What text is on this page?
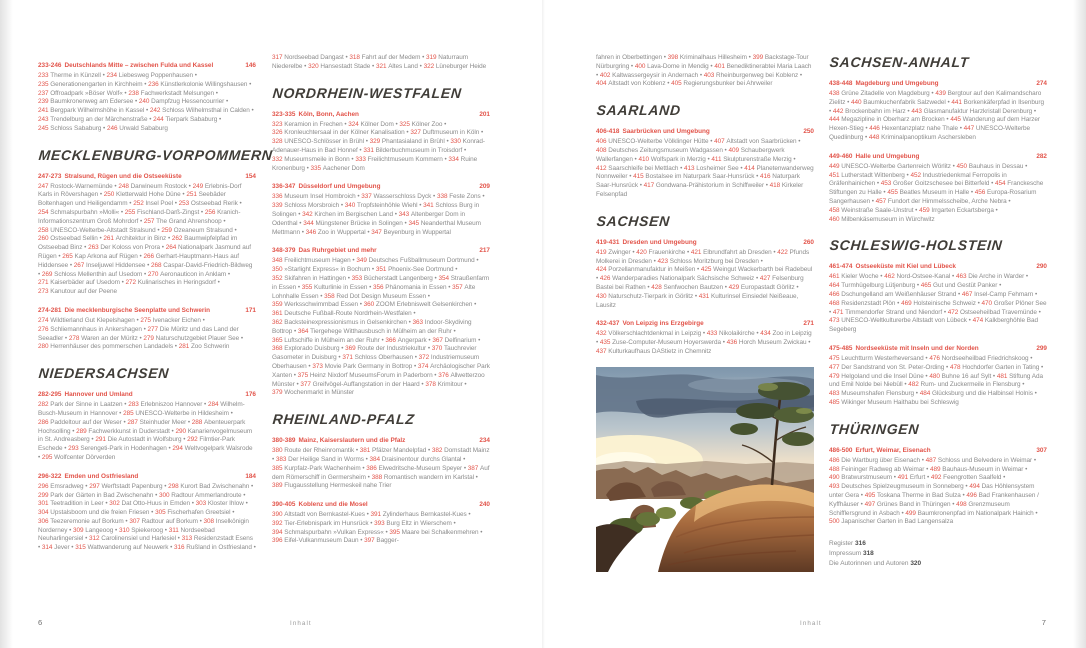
233-246 Deutschlands Mitte – zwischen Fulda und Kassel	146

233 Therme in Künzell • 234 Liebesweg Poppenhausen • 235 Generationengarten in Kirchheim • 236 Künstlerkolonie Willingshausen • 237 Offroadpark »Böser Wolf« • 238 Fachwerkstadt Melsungen • 239 Baumkronenweg am Edersee • 240 Dampfzug Hessencourrier • 241 Bergpark Wilhelmshöhe in Kassel • 242 Schloss Wilhelmsthal in Calden • 243 Trendelburg an der Märchenstraße • 244 Tierpark Sababurg • 245 Schloss Sababurg • 246 Urwald Sababurg

MECKLENBURG-VORPOMMERN
247-273 Stralsund, Rügen und die Ostseeküste	154

247 Rostock-Warnemünde • 248 Darwineum Rostock • 249 Erlebnis-Dorf Karls in Rövershagen • 250 Kletterwald Hohe Düne • 251 Seebäder Boltenhagen und Heiligendamm • 252 Insel Poel • 253 Ostseebad Rerik • 254 Schmalspurbahn »Molli« • 255 Fischland-Darß-Zingst • 256 Kranich-Informationszentrum Groß Mohrdorf • 257 The Grand Ahrenshoop • 258 UNESCO-Welterbe-Altstadt Stralsund • 259 Ozeaneum Stralsund • 260 Ostseebad Sellin • 261 Architektur in Binz • 262 Baumwipfelpfad im Ostseebad Binz • 263 Der Koloss von Prora • 264 Nationalpark Jasmund auf Rügen • 265 Kap Arkona auf Rügen • 266 Gerhart-Hauptmann-Haus auf Hiddensee • 267 Inseljuwel Hiddensee • 268 Caspar-David-Friedrich-Bildweg • 269 Schloss Mellenthin auf Usedom • 270 Aeronauticon in Anklam • 271 Kaiserbäder auf Usedom • 272 Kulinarisches in Heringsdorf • 273 Kanutour auf der Peene

274-281 Die mecklenburgische Seenplatte und Schwerin	171

274 Wildtierland Gut Klepelshagen • 275 Ivenacker Eichen • 276 Schliemannhaus in Ankershagen • 277 Die Müritz und das Land der Seeadler • 278 Waren an der Müritz • 279 Naturschutzgebiet Plauer See • 280 Herrenhäuser des pommerschen Landadels • 281 Zoo Schwerin

NIEDERSACHSEN
282-295 Hannover und Umland	176

282 Park der Sinne in Laatzen • 283 Erlebniszoo Hannover • 284 Wilhelm-Busch-Museum in Hannover • 285 UNESCO-Welterbe in Hildesheim • 286 Paddeltour auf der Weser • 287 Steinhuder Meer • 288 Abenteuerpark Hochsolling • 289 Fachwerkkunst in Duderstadt • 290 Kanarienvogelmuseum in St. Andreasberg • 291 Die Autostadt in Wolfsburg • 292 Filmtier-Park Eschede • 293 Serengeti-Park in Hodenhagen • 294 Weltvogelpark Walsrode • 295 Wolfcenter Dörverden

296-322 Emden und Ostfriesland	184

296 Emsradweg • 297 Werftstadt Papenburg • 298 Kurort Bad Zwischenahn • 299 Park der Gärten in Bad Zwischenahn • 300 Radtour Ammerlandroute • 301 Teetradition in Leer • 302 Dat Otto-Huus in Emden • 303 Kloster Ihlow • 304 Upstalsboom und die freien Friesen • 305 Fischerhafen Greetsiel • 306 Teezeremonie auf Borkum • 307 Radtour auf Borkum • 308 Inselkönigin Norderney • 309 Langeoog • 310 Spiekeroog • 311 Nordseebad Neuharlingersiel • 312 Carolinensiel und Harlesiel • 313 Residenzstadt Esens • 314 Jever • 315 Wattwanderung auf Neuwerk • 316 Rußland in Ostfriesland •

317 Nordseebad Dangast • 318 Fahrt auf der Medem • 319 Naturraum Niederelbe • 320 Hansestadt Stade • 321 Altes Land • 322 Lüneburger Heide

NORDRHEIN-WESTFALEN
323-335 Köln, Bonn, Aachen	201

323 Keramion in Frechen • 324 Kölner Dom • 325 Kölner Zoo • 326 Kronleuchtersaal in der Kölner Kanalisation • 327 Duftmuseum in Köln • 328 UNESCO-Schlösser in Brühl • 329 Phantasialand in Brühl • 330 Konrad-Adenauer-Haus in Bad Honnef • 331 Bilderbuchmuseum in Troisdorf • 332 Museumsmeile in Bonn • 333 Freilichtmuseum Kommern • 334 Ruine Kronenburg • 335 Aachener Dom

336-347 Düsseldorf und Umgebung	209

336 Museum Insel Hombroich • 337 Wasserschloss Dyck • 338 Feste Zons • 339 Schloss Morsbroich • 340 Tropfsteinhöhle Wiehl • 341 Schloss Burg in Solingen • 342 Kirchen im Bergischen Land • 343 Altenberger Dom in Odenthal • 344 Müngstener Brücke in Solingen • 345 Neanderthal Museum Mettmann • 346 Zoo in Wuppertal • 347 Beyenburg in Wuppertal

348-379 Das Ruhrgebiet und mehr	217

348 Freilichtmuseum Hagen • 349 Deutsches Fußballmuseum Dortmund • 350 »Starlight Express« in Bochum • 351 Phoenix-See Dortmund • 352 Skifahren in Hattingen • 353 Bücherstadt Langenberg • 354 Straußenfarm in Essen • 355 Kulturlinie in Essen • 356 Phänomania in Essen • 357 Alte Lohnhalle Essen • 358 Red Dot Design Museum Essen • 359 Werksschwimmbad Essen • 360 ZOOM Erlebniswelt Gelsenkirchen • 361 Deutsche Fußball-Route Nordrhein-Westfalen • 362 Backsteinexpressionismus in Gelsenkirchen • 363 Indoor-Skydiving Bottrop • 364 Tiergehege Witthausbusch in Mülheim an der Ruhr • 365 Luftschiffe in Mülheim an der Ruhr • 366 Angerpark • 367 Delfinarium • 368 Explorado Duisburg • 369 Route der Industriekultur • 370 Tauchrevier Gasometer in Duisburg • 371 Schloss Oberhausen • 372 Industriemuseum Oberhausen • 373 Movie Park Germany in Bottrop • 374 Archäologischer Park Xanten • 375 Heinz Nixdorf MuseumsForum in Paderborn • 376 Allwetterzoo Münster • 377 Greifvögel-Auffangstation in der Haard • 378 Krimitour • 379 Wochenmarkt in Münster

RHEINLAND-PFALZ
380-389 Mainz, Kaiserslautern und die Pfalz	234

380 Route der Rheinromantik • 381 Pfälzer Mandelpfad • 382 Domstadt Mainz • 383 Der Heilige Sand in Worms • 384 Draisinentour durchs Glantal • 385 Kurpfalz-Park Wachenheim • 386 Elwedritsche-Museum Speyer • 387 Auf dem Römerschiff in Germersheim • 388 Romantisch wandern im Karlstal • 389 Flugausstellung Hermeskeil nahe Trier

390-405 Koblenz und die Mosel	240

390 Altstadt von Bernkastel-Kues • 391 Zylinderhaus Bernkastel-Kues • 392 Tier-Erlebnispark im Hunsrück • 393 Burg Eltz in Wierschem • 394 Schmalspurbahn »Vulkan Express« • 395 Maare bei Schalkenmehren • 396 Eifel-Vulkanmuseum Daun • 397 Bagger-

fahren in Oberbettingen • 398 Kriminalhaus Hillesheim • 399 Backstage-Tour Nürburgring • 400 Lava-Dome in Mendig • 401 Benediktinerabtei Maria Laach • 402 Kaltwassergeysir in Andernach • 403 Rheinburgenweg bei Koblenz • 404 Altstadt von Koblenz • 405 Regierungsbunker bei Ahrweiler

SAARLAND
406-418 Saarbrücken und Umgebung	250

406 UNESCO-Welterbe Völklinger Hütte • 407 Altstadt von Saarbrücken • 408 Deutsches Zeitungsmuseum Wadgassen • 409 Schaubergwerk Wallerfangen • 410 Wolfspark in Merzig • 411 Skulpturenstraße Merzig • 412 Saarschleife bei Mettlach • 413 Losheimer See • 414 Planetenwanderweg Nonnweiler • 415 Bostalsee im Naturpark Saar-Hunsrück • 416 Naturpark Saar-Hunsrück • 417 Gondwana-Prähistorium in Schiffweiler • 418 Kirkeler Felsenpfad

SACHSEN
419-431 Dresden und Umgebung	260

419 Zwinger • 420 Frauenkirche • 421 Elbrundfahrt ab Dresden • 422 Pfunds Molkerei in Dresden • 423 Schloss Moritzburg bei Dresden • 424 Porzellanmanufaktur in Meißen • 425 Weingut Wackerbarth bei Radebeul • 426 Wanderparadies Nationalpark Sächsische Schweiz • 427 Felsenburg Bastei bei Rathen • 428 Senfwochen Bautzen • 429 Europastadt Görlitz • 430 Naturschutz-Tierpark in Görlitz • 431 Kulturinsel Einsiedel Neißeaue, Lausitz

432-437 Von Leipzig ins Erzgebirge	271

432 Völkerschlachtdenkmal in Leipzig • 433 Nikolaikirche • 434 Zoo in Leipzig • 435 Zuse-Computer-Museum Hoyerswerda • 436 Horch Museum Zwickau • 437 Kulturkaufhaus DAStietz in Chemnitz

SACHSEN-ANHALT
438-448 Magdeburg und Umgebung	274

438 Grüne Zitadelle von Magdeburg • 439 Bergtour auf den Kalimandscharo Zielitz • 440 Baumkuchenfabrik Salzwedel • 441 Borkenkäferpfad in Ilsenburg • 442 Brockenbahn im Harz • 443 Glasmanufaktur Harzkristall Derenburg • 444 Megazipline in Oberharz am Brocken • 445 Wanderung auf dem Harzer Hexen-Stieg • 446 Hexentanzplatz nahe Thale • 447 UNESCO-Welterbe Quedlinburg • 448 Kriminalpanoptikum Aschersleben

449-460 Halle und Umgebung	282

449 UNESCO-Welterbe Gartenreich Wörlitz • 450 Bauhaus in Dessau • 451 Lutherstadt Wittenberg • 452 Industriedenkmal Ferropolis in Gräfenhainichen • 453 Großer Goitzschesee bei Bitterfeld • 454 Franckesche Stiftungen zu Halle • 455 Beatles Museum in Halle • 456 Europa-Rosarium Sangerhausen • 457 Fundort der Himmelsscheibe, Arche Nebra • 458 Weinstraße Saale-Unstrut • 459 Irrgarten Eckartsberga • 460 Milbenkäsemuseum in Würchwitz

SCHLESWIG-HOLSTEIN
461-474 Ostseeküste mit Kiel und Lübeck	290

461 Kieler Woche • 462 Nord-Ostsee-Kanal • 463 Die Arche in Warder • 464 Turmhügelburg Lütjenburg • 465 Gut und Gestüt Panker • 466 Dschungelland am Weißenhäuser Strand • 467 Insel-Camp Fehmarn • 468 Residenzstadt Plön • 469 Holsteinische Schweiz • 470 Großer Plöner See • 471 Timmendorfer Strand und Niendorf • 472 Ostseeheilbad Travemünde • 473 UNESCO-Weltkulturerbe Altstadt von Lübeck • 474 Kalkberghöhle Bad Segeberg

475-485 Nordseeküste mit Inseln und der Norden	299

475 Leuchtturm Westerheversand • 476 Nordseeheilbad Friedrichskoog • 477 Der Sandstrand von St. Peter-Ording • 478 Hochdorfer Garten in Tating • 479 Helgoland und die Insel Düne • 480 Buhne 16 auf Sylt • 481 Stiftung Ada und Emil Nolde bei Niebüll • 482 Rum- und Zuckermeile in Flensburg • 483 Museumshafen Flensburg • 484 Glücksburg und die Halbinsel Holnis • 485 Wikinger Museum Haithabu bei Schleswig

THÜRINGEN
486-500 Erfurt, Weimar, Eisenach	307

486 Die Wartburg über Eisenach • 487 Schloss und Belvedere in Weimar • 488 Feininger Radweg ab Weimar • 489 Bauhaus-Museum in Weimar • 490 Bratwurstmuseum • 491 Erfurt • 492 Feengrotten Saalfeld • 493 Deutsches Spielzeugmuseum in Sonneberg • 494 Das Höhlensystem unter Gera • 495 Toskana Therme in Bad Sulza • 496 Bad Frankenhausen / Kyffhäuser • 497 Grünes Band in Thüringen • 498 Grenzmuseum Schifflersgrund in Asbach • 499 Baumkronenpfad im Nationalpark Hainich • 500 Japanischer Garten in Bad Langensalza

Register 316
Impressum 318
Die Autorinnen und Autoren 320
6	Inhalt	Inhalt	7
